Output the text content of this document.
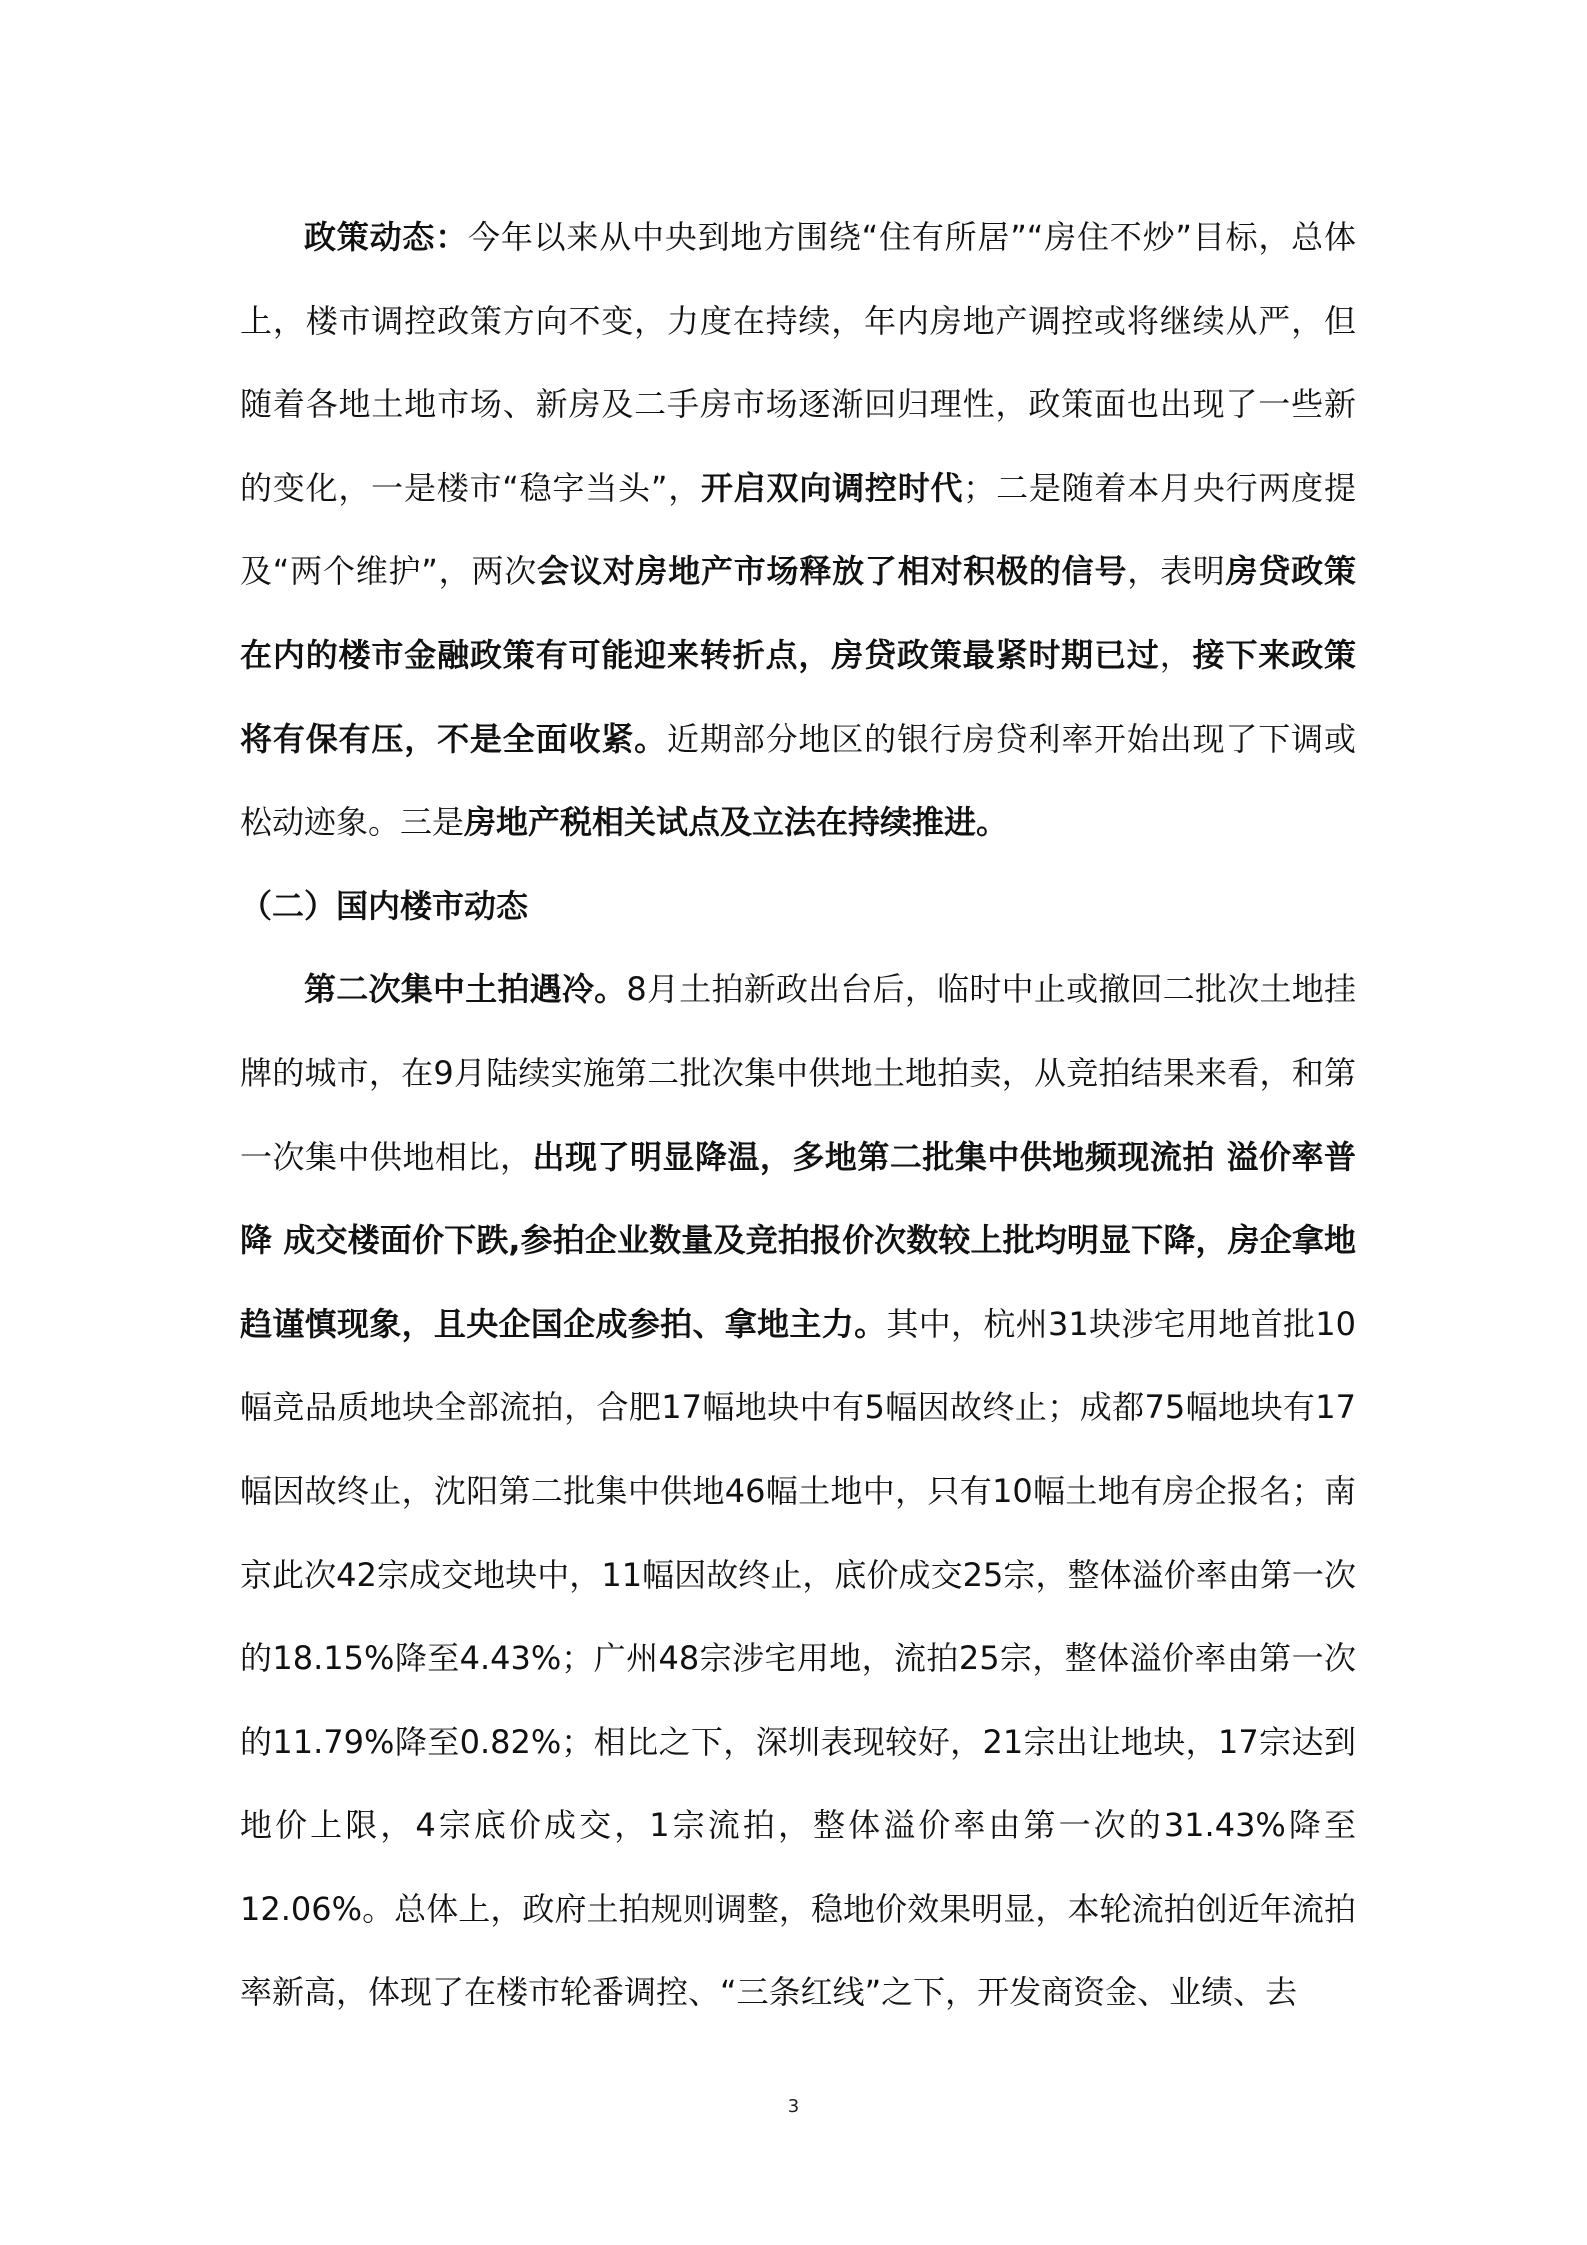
政策动态：今年以来从中央到地方围绕“住有所居”“房住不炒”目标，总体上，楼市调控政策方向不变，力度在持续，年内房地产调控或将继续从严，但随着各地土地市场、新房及二手房市场逐渐回归理性，政策面也出现了一些新的变化，一是楼市“稳字当头”，开启双向调控时代；二是随着本月央行两度提及“两个维护”，两次会议对房地产市场释放了相对积极的信号，表明房贷政策在内的楼市金融政策有可能迎来转折点，房贷政策最紧时期已过，接下来政策将有保有压，不是全面收紧。近期部分地区的银行房贷利率开始出现了下调或松动迹象。三是房地产税相关试点及立法在持续推进。

（二）国内楼市动态

第二次集中土拍遇冷。8月土拍新政出台后，临时中止或撤回二批次土地挂牌的城市，在9月陆续实施第二批次集中供地土地拍卖，从竞拍结果来看，和第一次集中供地相比，出现了明显降温，多地第二批集中供地频现流拍 溢价率普降 成交楼面价下跌,参拍企业数量及竞拍报价次数较上批均明显下降，房企拿地趋谨慎现象，且央企国企成参拍、拿地主力。其中，杭州31块涉宅用地首批10幅竞品质地块全部流拍，合肥17幅地块中有5幅因故终止；成都75幅地块有17幅因故终止，沈阳第二批集中供地46幅土地中，只有10幅土地有房企报名；南京此次42宗成交地块中，11幅因故终止，底价成交25宗，整体溢价率由第一次的18.15%降至4.43%；广州48宗涉宅用地，流拍25宗，整体溢价率由第一次的11.79%降至0.82%；相比之下，深圳表现较好，21宗出让地块，17宗达到地价上限，4宗底价成交，1宗流拍，整体溢价率由第一次的31.43%降至12.06%。总体上，政府土拍规则调整，稳地价效果明显，本轮流拍创近年流拍率新高，体现了在楼市轮番调控、“三条红线”之下，开发商资金、业绩、去

3
